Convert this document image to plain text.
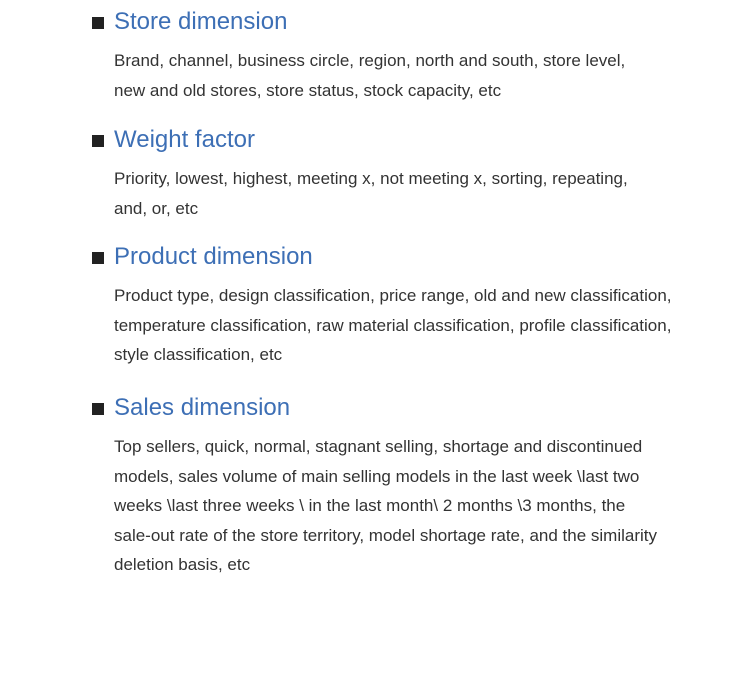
Store dimension

Brand, channel, business circle, region, north and south, store level,
new and old stores, store status, stock capacity, etc

Weight factor

Priority, lowest, highest, meeting x, not meeting x, sorting, repeating,
and, or, etc

Product dimension

Product type, design classification, price range, old and new classification,
temperature classification, raw material classification, profile classification,
style classification, etc

Sales dimension

Top sellers, quick, normal, stagnant selling, shortage and discontinued
models, sales volume of main selling models in the last week \last two
weeks \last three weeks \ in the last month\ 2 months \3 months, the
sale-out rate of the store territory, model shortage rate, and the similarity
deletion basis, etc
